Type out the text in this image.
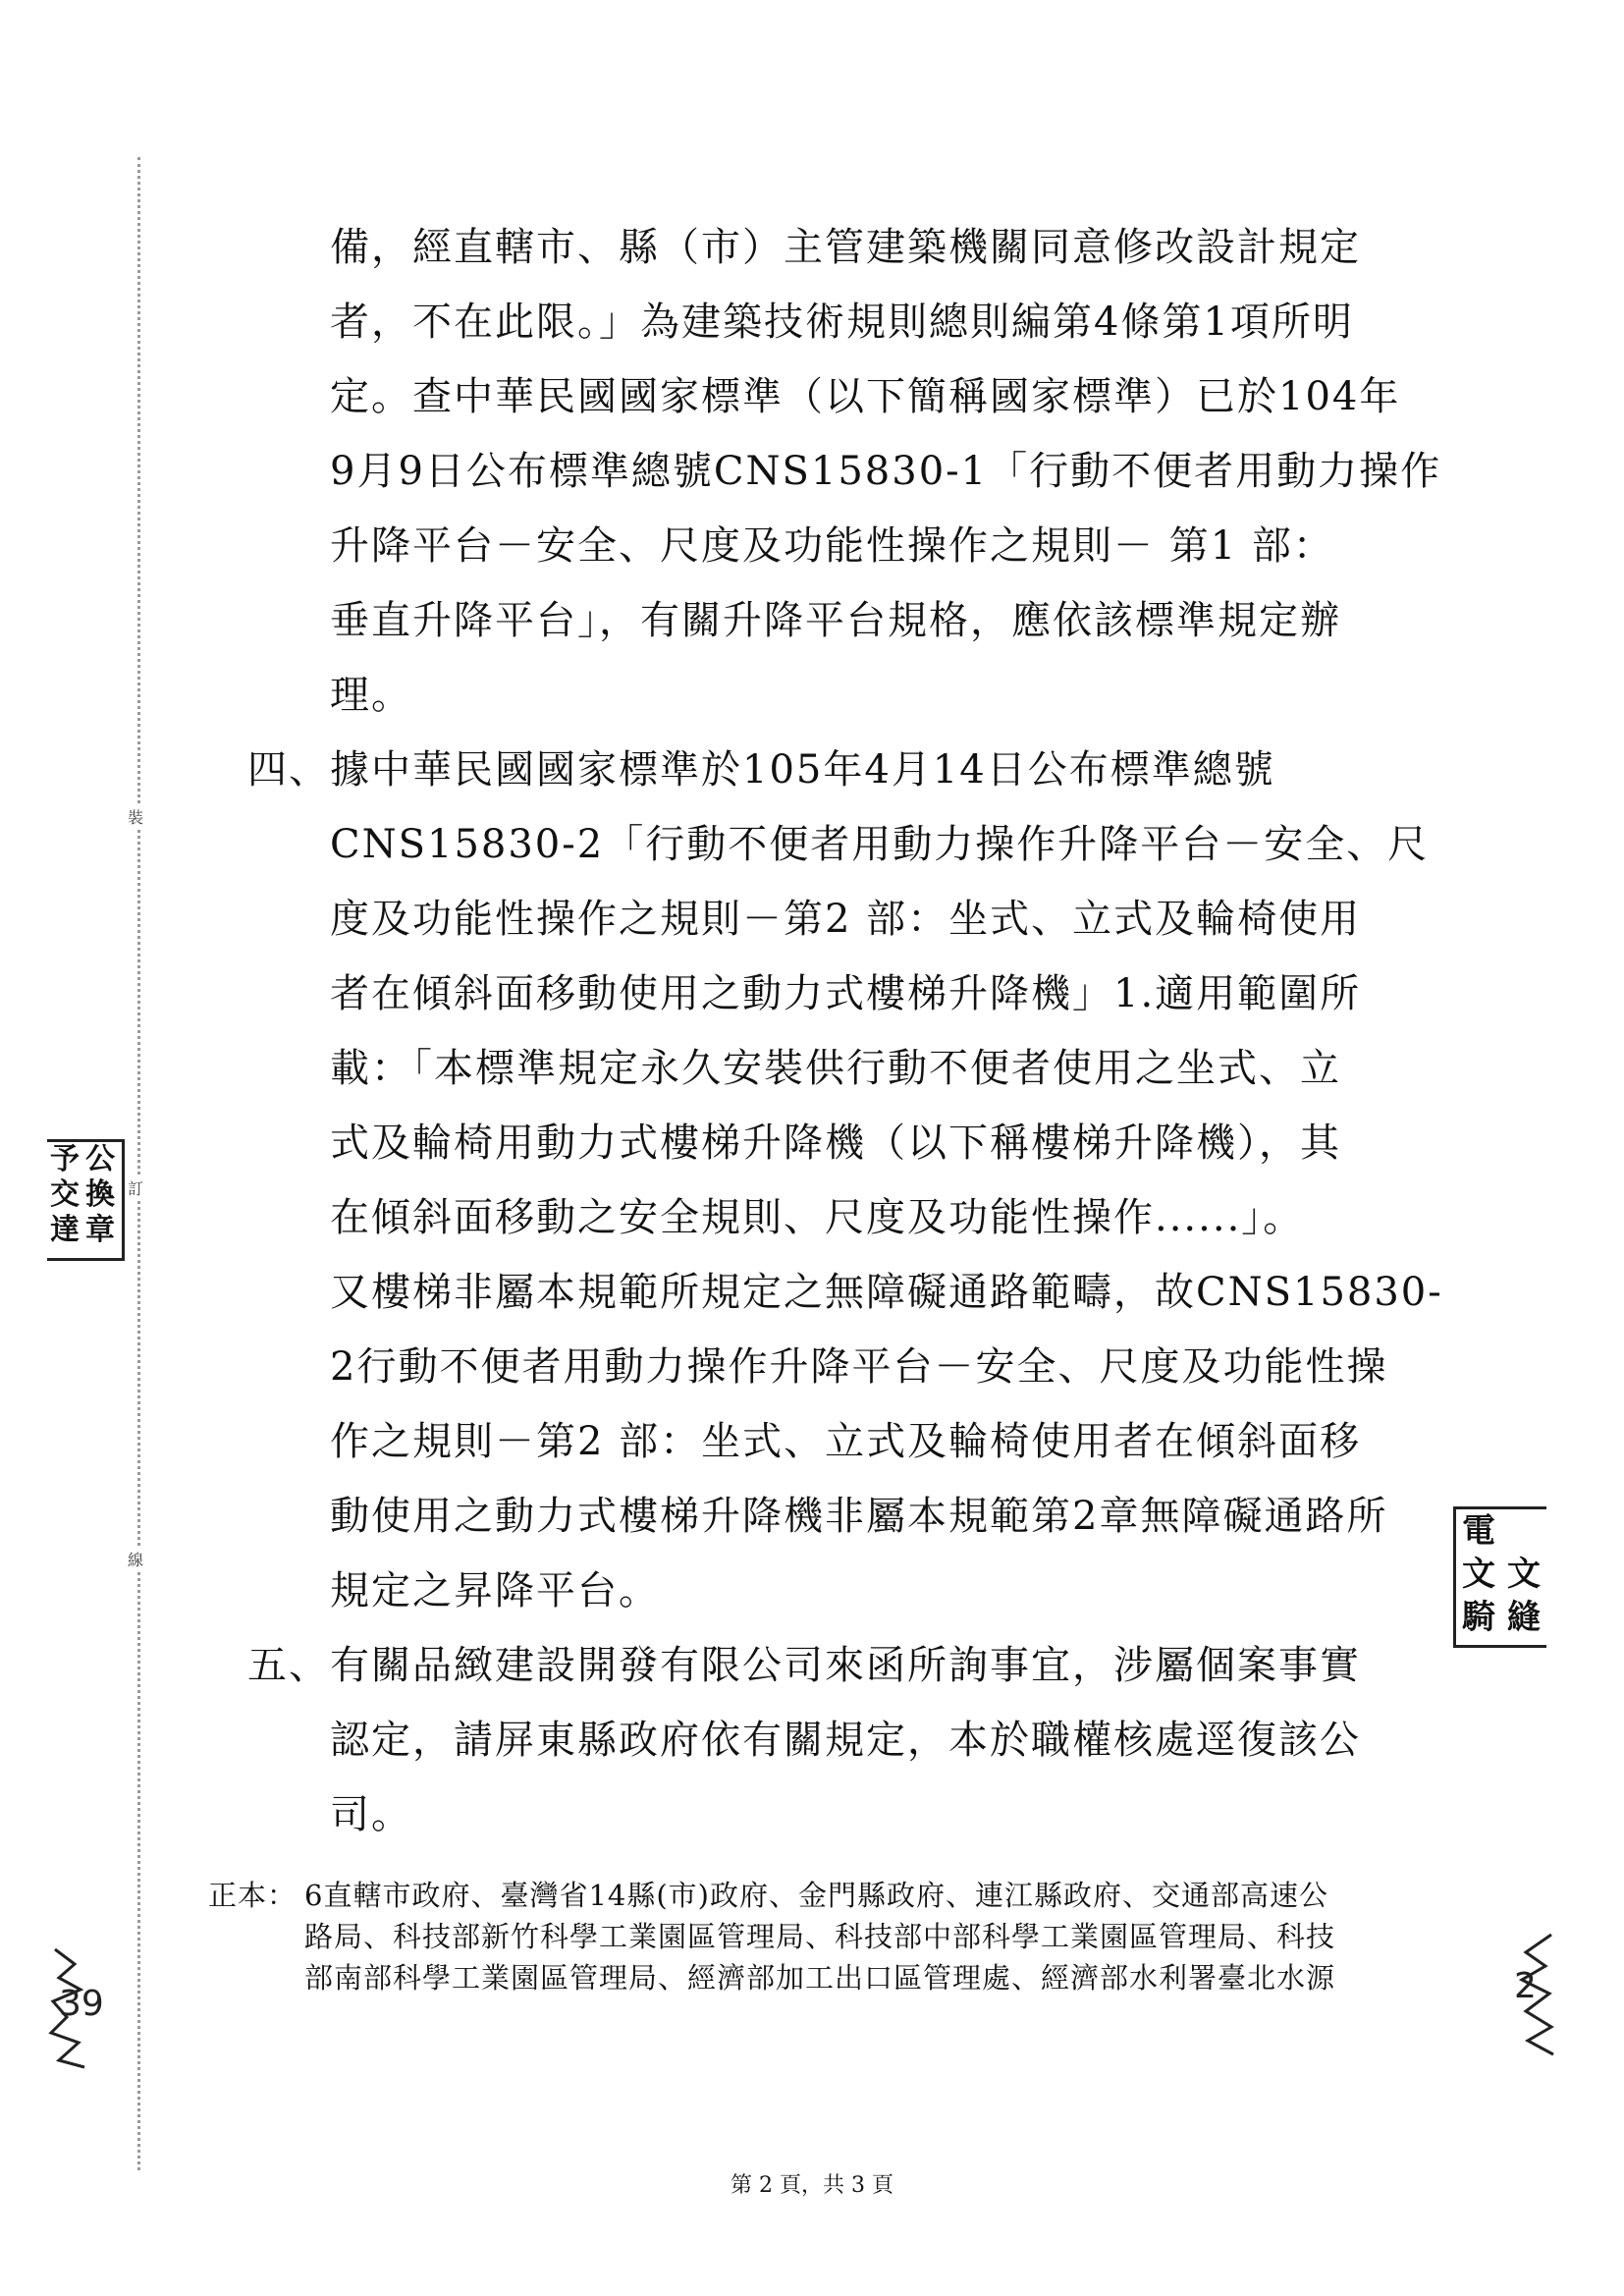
裝
訂
線
備，經直轄市、縣（市）主管建築機關同意修改設計規定
者，不在此限。」為建築技術規則總則編第4條第1項所明
定。查中華民國國家標準（以下簡稱國家標準）已於104年
9月9日公布標準總號CNS15830-1「行動不便者用動力操作
升降平台－安全、尺度及功能性操作之規則－ 第1 部：
垂直升降平台」，有關升降平台規格，應依該標準規定辦
理。
四、 據中華民國國家標準於105年4月14日公布標準總號
CNS15830-2「行動不便者用動力操作升降平台－安全、尺
度及功能性操作之規則－第2 部：坐式、立式及輪椅使用
者在傾斜面移動使用之動力式樓梯升降機」1.適用範圍所
載：「本標準規定永久安裝供行動不便者使用之坐式、立
式及輪椅用動力式樓梯升降機（以下稱樓梯升降機），其
在傾斜面移動之安全規則、尺度及功能性操作......」。
又樓梯非屬本規範所規定之無障礙通路範疇，故CNS15830-
2行動不便者用動力操作升降平台－安全、尺度及功能性操
作之規則－第2 部：坐式、立式及輪椅使用者在傾斜面移
動使用之動力式樓梯升降機非屬本規範第2章無障礙通路所
規定之昇降平台。
五、 有關品緻建設開發有限公司來函所詢事宜，涉屬個案事實
認定，請屏東縣政府依有關規定，本於職權核處逕復該公
司。
正本： 6直轄市政府、臺灣省14縣(市)政府、金門縣政府、連江縣政府、交通部高速公
路局、科技部新竹科學工業園區管理局、科技部中部科學工業園區管理局、科技
部南部科學工業園區管理局、經濟部加工出口區管理處、經濟部水利署臺北水源
予 公
交 換
達 章
電
文 文
騎 縫
39	2
第 2 頁，共 3 頁
